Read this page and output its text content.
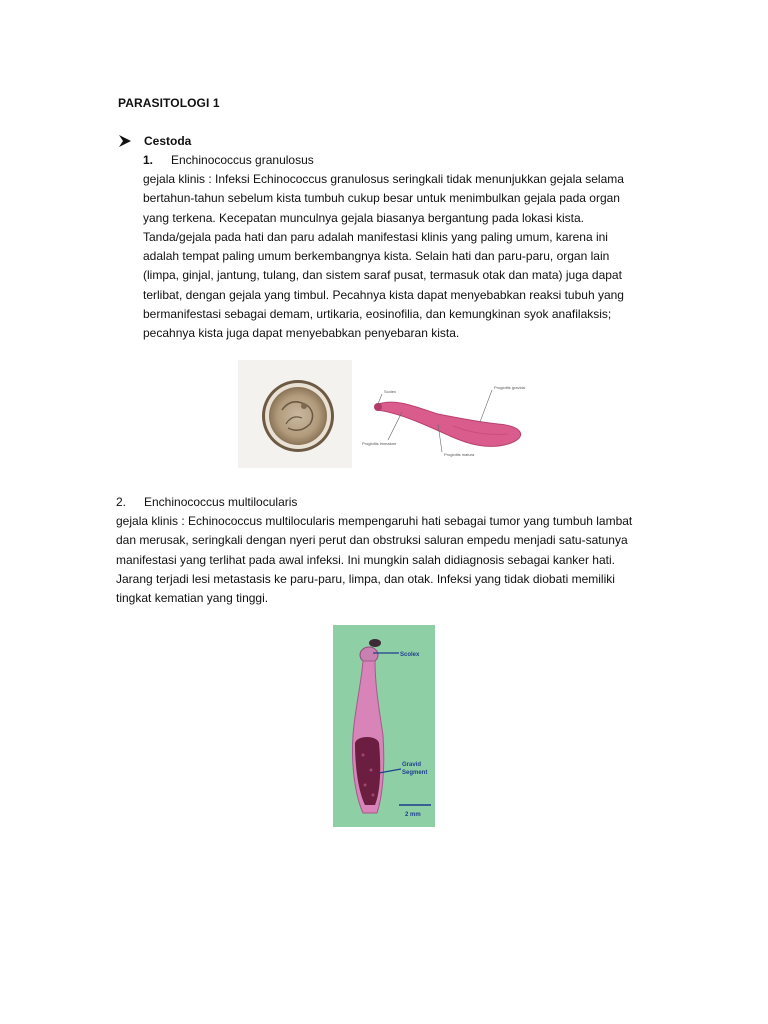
PARASITOLOGI 1
Cestoda
1.	Enchinococcus granulosus

gejala klinis : Infeksi Echinococcus granulosus seringkali tidak menunjukkan gejala selama
bertahun-tahun sebelum kista tumbuh cukup besar untuk menimbulkan gejala pada organ
yang terkena. Kecepatan munculnya gejala biasanya bergantung pada lokasi kista.
Tanda/gejala pada hati dan paru adalah manifestasi klinis yang paling umum, karena ini
adalah tempat paling umum berkembangnya kista. Selain hati dan paru-paru, organ lain
(limpa, ginjal, jantung, tulang, dan sistem saraf pusat, termasuk otak dan mata) juga dapat
terlibat, dengan gejala yang timbul. Pecahnya kista dapat menyebabkan reaksi tubuh yang
bermanifestasi sebagai demam, urtikaria, eosinofilia, dan kemungkinan syok anafilaksis;
pecahnya kista juga dapat menyebabkan penyebaran kista.

Scolex
Proglottis gravida
Proglottis immature
Proglottis matura
2.	Enchinococcus multilocularis

gejala klinis : Echinococcus multilocularis mempengaruhi hati sebagai tumor yang tumbuh lambat
dan merusak, seringkali dengan nyeri perut dan obstruksi saluran empedu menjadi satu-satunya
manifestasi yang terlihat pada awal infeksi. Ini mungkin salah didiagnosis sebagai kanker hati.
Jarang terjadi lesi metastasis ke paru-paru, limpa, dan otak. Infeksi yang tidak diobati memiliki
tingkat kematian yang tinggi.

Scolex
Gravid
Segment
2 mm
